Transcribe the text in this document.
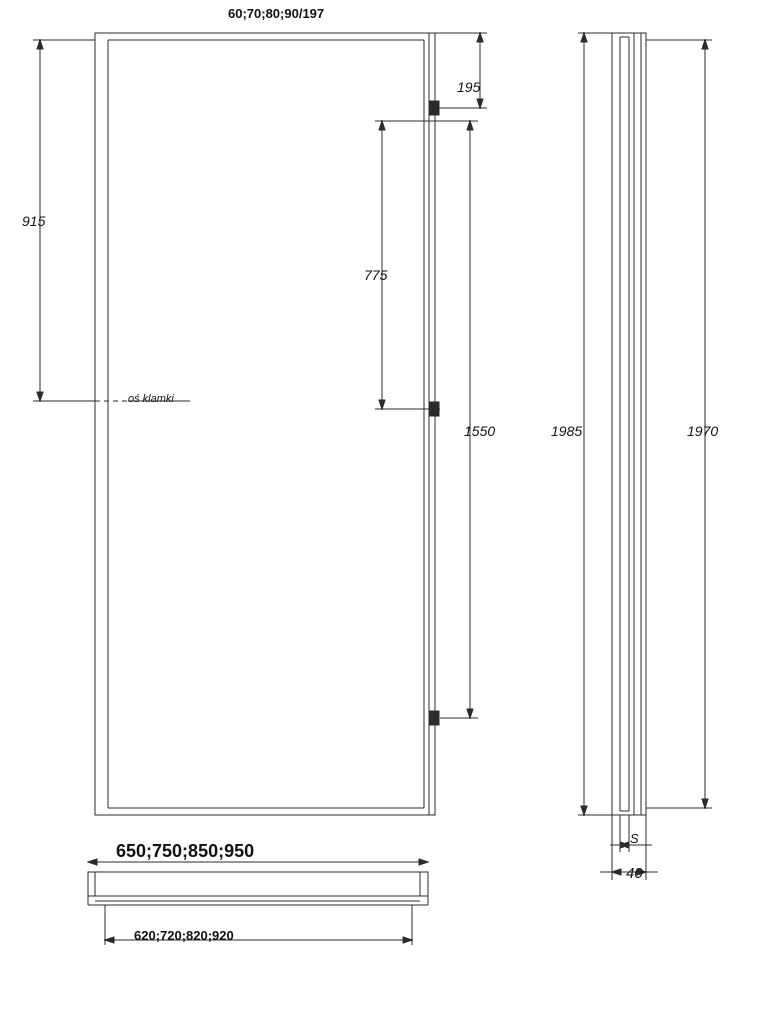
60;70;80;90/197
915
oś klamki
195
775
1550	1985	1970
650;750;850;950
620;720;820;920
S
40
